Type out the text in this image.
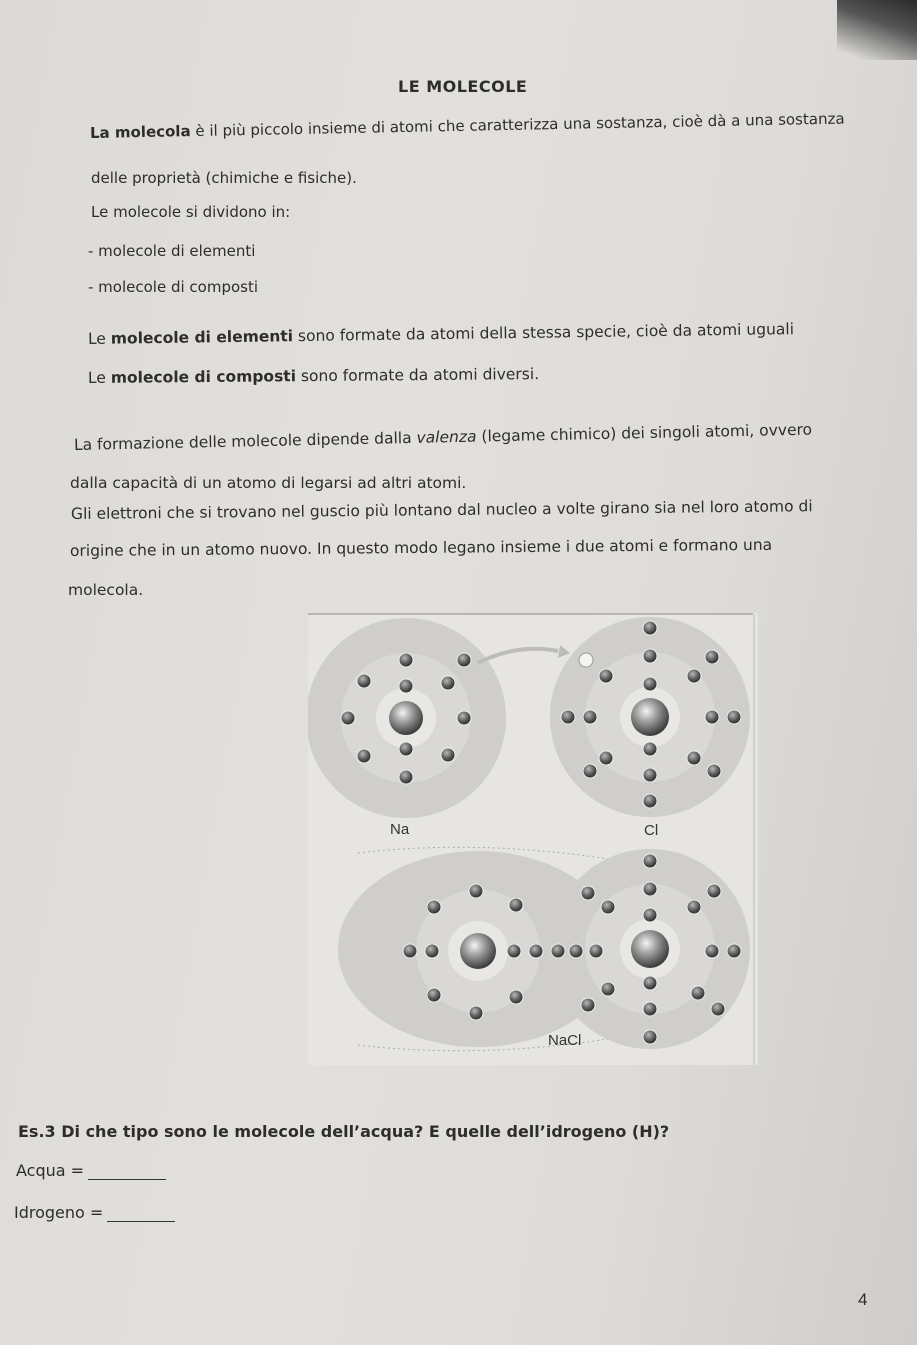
LE MOLECOLE
La molecola è il più piccolo insieme di atomi che caratterizza una sostanza, cioè dà a una sostanza
delle proprietà (chimiche e fisiche).
Le molecole si dividono in:
- molecole di elementi
- molecole di composti
Le molecole di elementi sono formate da atomi della stessa specie, cioè da atomi uguali
Le molecole di composti sono formate da atomi diversi.
La formazione delle molecole dipende dalla valenza (legame chimico) dei singoli atomi, ovvero
dalla capacità di un atomo di legarsi ad altri atomi.
Gli elettroni che si trovano nel guscio più lontano dal nucleo a volte girano sia nel loro atomo di
origine che in un atomo nuovo. In questo modo legano insieme i due atomi e formano una
molecola.
Na	Cl
NaCl
Es.3 Di che tipo sono le molecole dell’acqua? E quelle dell’idrogeno (H)?
Acqua =
Idrogeno =
4
